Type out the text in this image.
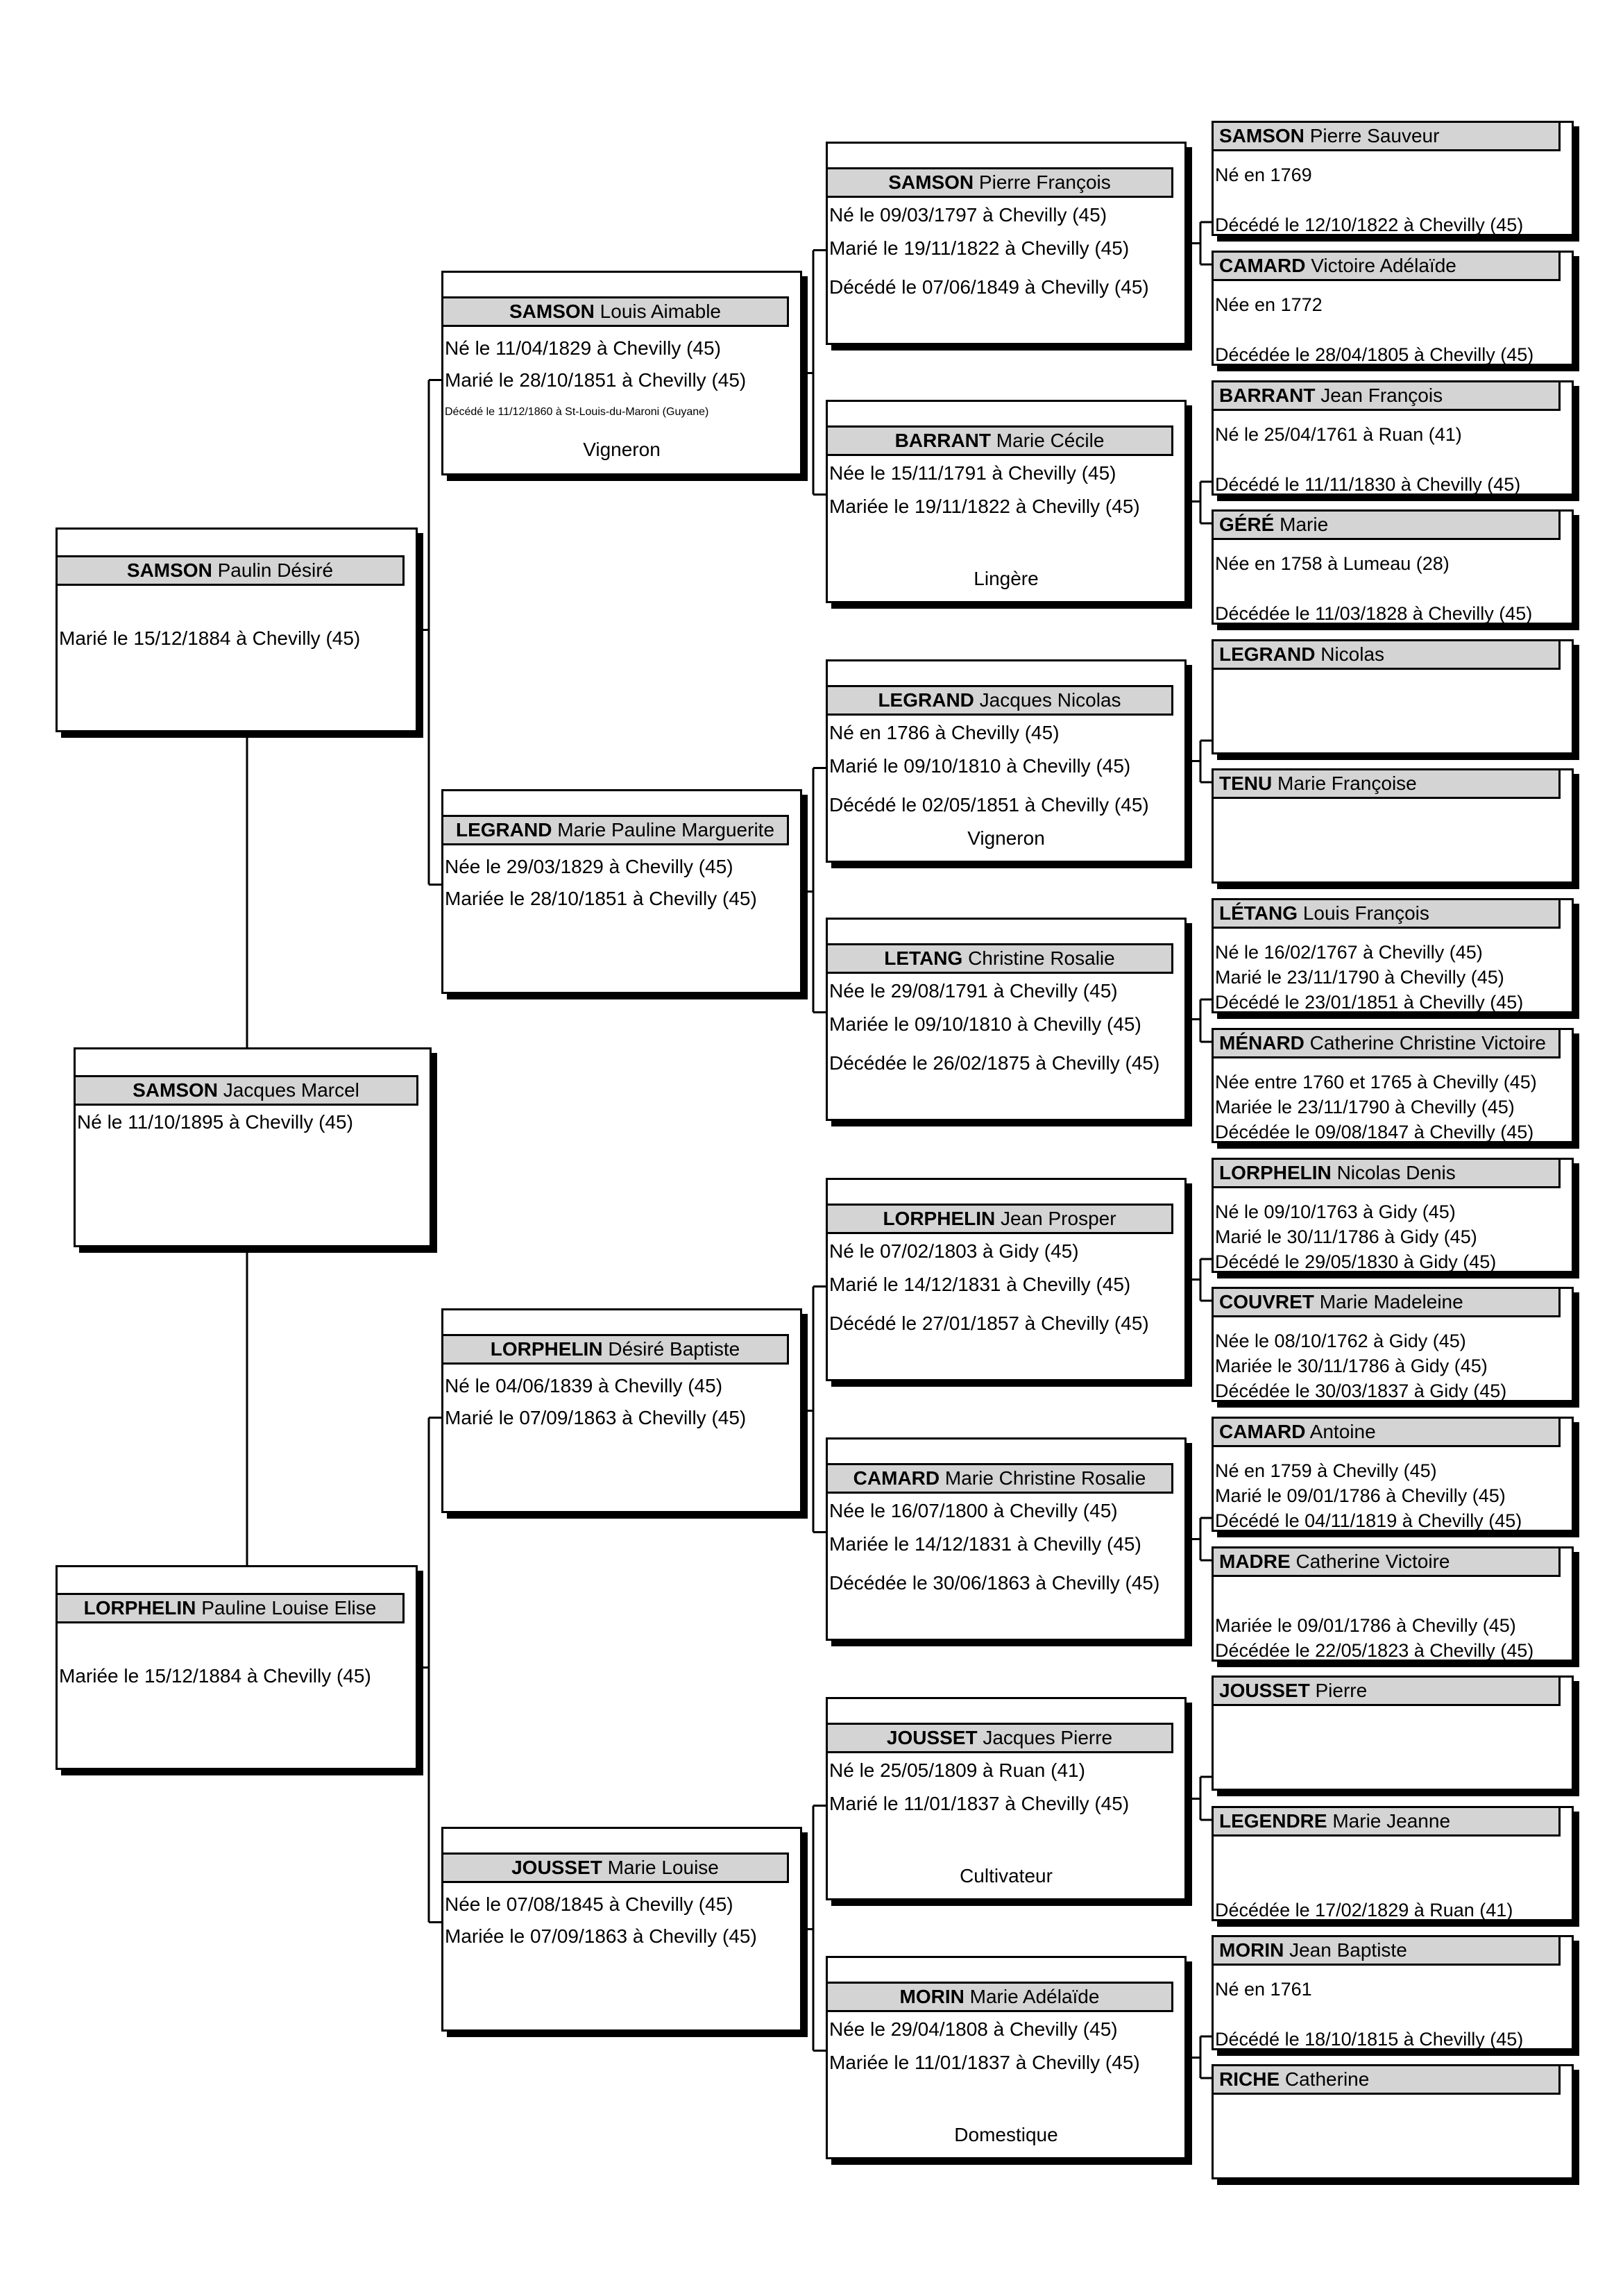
SAMSON Jacques Marcel
Né le 11/10/1895 à Chevilly (45)
SAMSON Paulin Désiré
Marié le 15/12/1884 à Chevilly (45)
LORPHELIN Pauline Louise Elise
Mariée le 15/12/1884 à Chevilly (45)
SAMSON Louis Aimable
Né le 11/04/1829 à Chevilly (45)
Marié le 28/10/1851 à Chevilly (45)
Décédé le 11/12/1860 à St-Louis-du-Maroni (Guyane)
Vigneron
LEGRAND Marie Pauline Marguerite
Née le 29/03/1829 à Chevilly (45)
Mariée le 28/10/1851 à Chevilly (45)
LORPHELIN Désiré Baptiste
Né le 04/06/1839 à Chevilly (45)
Marié le 07/09/1863 à Chevilly (45)
JOUSSET Marie Louise
Née le 07/08/1845 à Chevilly (45)
Mariée le 07/09/1863 à Chevilly (45)
SAMSON Pierre François
Né le 09/03/1797 à Chevilly (45)
Marié le 19/11/1822 à Chevilly (45)
Décédé le 07/06/1849 à Chevilly (45)
BARRANT Marie Cécile
Née le 15/11/1791 à Chevilly (45)
Mariée le 19/11/1822 à Chevilly (45)
Lingère
LEGRAND Jacques Nicolas
Né en 1786 à Chevilly (45)
Marié le 09/10/1810 à Chevilly (45)
Décédé le 02/05/1851 à Chevilly (45)
Vigneron
LETANG Christine Rosalie
Née le 29/08/1791 à Chevilly (45)
Mariée le 09/10/1810 à Chevilly (45)
Décédée le 26/02/1875 à Chevilly (45)
LORPHELIN Jean Prosper
Né le 07/02/1803 à Gidy (45)
Marié le 14/12/1831 à Chevilly (45)
Décédé le 27/01/1857 à Chevilly (45)
CAMARD Marie Christine Rosalie
Née le 16/07/1800 à Chevilly (45)
Mariée le 14/12/1831 à Chevilly (45)
Décédée le 30/06/1863 à Chevilly (45)
JOUSSET Jacques Pierre
Né le 25/05/1809 à Ruan (41)
Marié le 11/01/1837 à Chevilly (45)
Cultivateur
MORIN Marie Adélaïde
Née le 29/04/1808 à Chevilly (45)
Mariée le 11/01/1837 à Chevilly (45)
Domestique
SAMSON Pierre Sauveur
Né en 1769
Décédé le 12/10/1822 à Chevilly (45)
CAMARD Victoire Adélaïde
Née en 1772
Décédée le 28/04/1805 à Chevilly (45)
BARRANT Jean François
Né le 25/04/1761 à Ruan (41)
Décédé le 11/11/1830 à Chevilly (45)
GÉRÉ Marie
Née en 1758 à Lumeau (28)
Décédée le 11/03/1828 à Chevilly (45)
LEGRAND Nicolas
TENU Marie Françoise
LÉTANG Louis François
Né le 16/02/1767 à Chevilly (45)
Marié le 23/11/1790 à Chevilly (45)
Décédé le 23/01/1851 à Chevilly (45)
MÉNARD Catherine Christine Victoire
Née entre 1760 et 1765 à Chevilly (45)
Mariée le 23/11/1790 à Chevilly (45)
Décédée le 09/08/1847 à Chevilly (45)
LORPHELIN Nicolas Denis
Né le 09/10/1763 à Gidy (45)
Marié le 30/11/1786 à Gidy (45)
Décédé le 29/05/1830 à Gidy (45)
COUVRET Marie Madeleine
Née le 08/10/1762 à Gidy (45)
Mariée le 30/11/1786 à Gidy (45)
Décédée le 30/03/1837 à Gidy (45)
CAMARD Antoine
Né en 1759 à Chevilly (45)
Marié le 09/01/1786 à Chevilly (45)
Décédé le 04/11/1819 à Chevilly (45)
MADRE Catherine Victoire
Mariée le 09/01/1786 à Chevilly (45)
Décédée le 22/05/1823 à Chevilly (45)
JOUSSET Pierre
LEGENDRE Marie Jeanne
Décédée le 17/02/1829 à Ruan (41)
MORIN Jean Baptiste
Né en 1761
Décédé le 18/10/1815 à Chevilly (45)
RICHE Catherine
